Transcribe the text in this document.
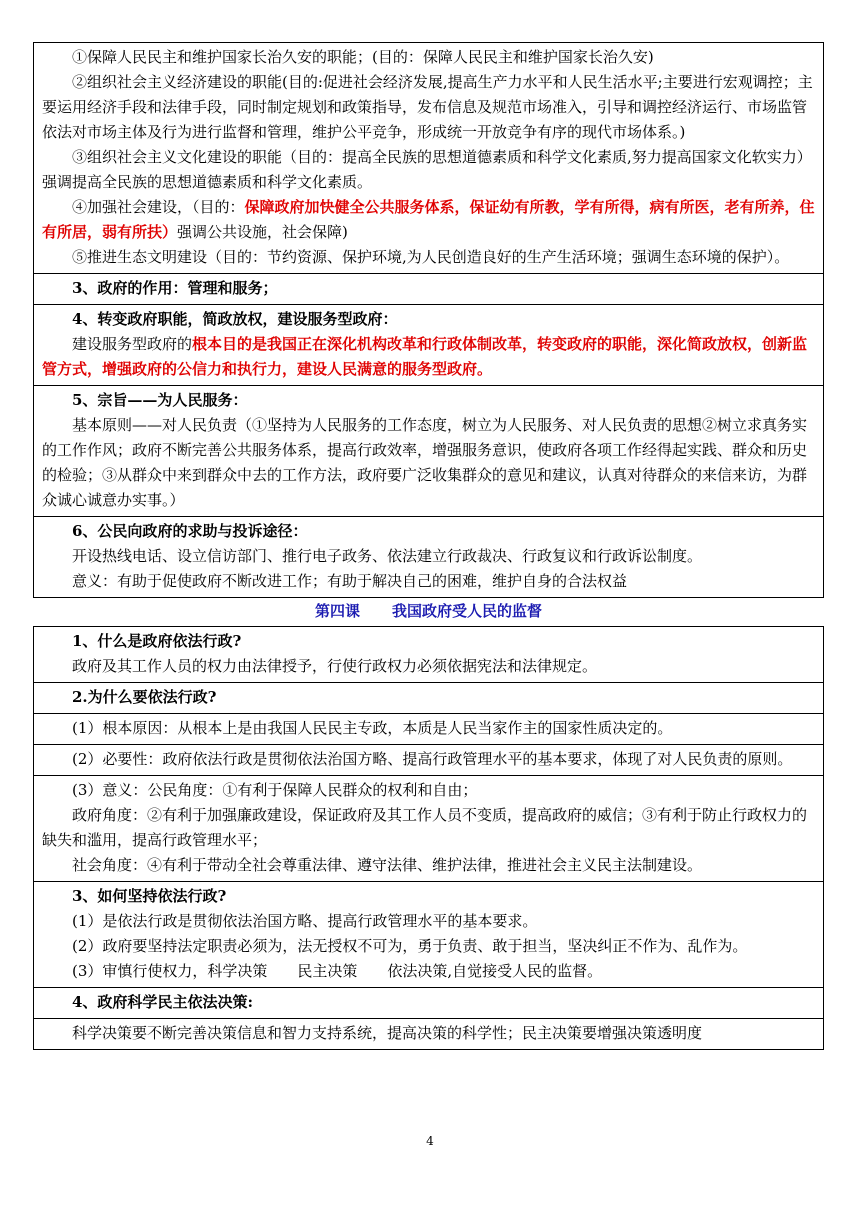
①保障人民民主和维护国家长治久安的职能；(目的：保障人民民主和维护国家长治久安)

②组织社会主义经济建设的职能(目的:促进社会经济发展,提高生产力水平和人民生活水平;主要进行宏观调控；主要运用经济手段和法律手段，同时制定规划和政策指导，发布信息及规范市场准入，引导和调控经济运行、市场监管依法对市场主体及行为进行监督和管理，维护公平竞争，形成统一开放竞争有序的现代市场体系。)

③组织社会主义文化建设的职能（目的：提高全民族的思想道德素质和科学文化素质,努力提高国家文化软实力）强调提高全民族的思想道德素质和科学文化素质。

④加强社会建设，（目的：保障政府加快健全公共服务体系，保证幼有所教，学有所得，病有所医，老有所养，住有所居，弱有所扶）强调公共设施，社会保障)

⑤推进生态文明建设（目的：节约资源、保护环境,为人民创造良好的生产生活环境；强调生态环境的保护）。

3、政府的作用：管理和服务；

4、转变政府职能，简政放权，建设服务型政府：

建设服务型政府的根本目的是我国正在深化机构改革和行政体制改革，转变政府的职能，深化简政放权，创新监管方式，增强政府的公信力和执行力，建设人民满意的服务型政府。

5、宗旨——为人民服务：

基本原则——对人民负责（①坚持为人民服务的工作态度，树立为人民服务、对人民负责的思想②树立求真务实的工作作风；政府不断完善公共服务体系，提高行政效率，增强服务意识，使政府各项工作经得起实践、群众和历史的检验；③从群众中来到群众中去的工作方法，政府要广泛收集群众的意见和建议，认真对待群众的来信来访，为群众诚心诚意办实事。）

6、公民向政府的求助与投诉途径：

开设热线电话、设立信访部门、推行电子政务、依法建立行政裁决、行政复议和行政诉讼制度。

意义：有助于促使政府不断改进工作；有助于解决自己的困难，维护自身的合法权益

第四课 我国政府受人民的监督

1、什么是政府依法行政?

政府及其工作人员的权力由法律授予，行使行政权力必须依据宪法和法律规定。

2.为什么要依法行政?

(1）根本原因：从根本上是由我国人民民主专政，本质是人民当家作主的国家性质决定的。

(2）必要性：政府依法行政是贯彻依法治国方略、提高行政管理水平的基本要求，体现了对人民负责的原则。

(3）意义：公民角度：①有利于保障人民群众的权利和自由；

政府角度：②有利于加强廉政建设，保证政府及其工作人员不变质，提高政府的威信；③有利于防止行政权力的缺失和滥用，提高行政管理水平；

社会角度：④有利于带动全社会尊重法律、遵守法律、维护法律，推进社会主义民主法制建设。

3、如何坚持依法行政?

(1）是依法行政是贯彻依法治国方略、提高行政管理水平的基本要求。

(2）政府要坚持法定职责必须为，法无授权不可为，勇于负责、敢于担当，坚决纠正不作为、乱作为。

(3）审慎行使权力，科学决策　　民主决策　　依法决策,自觉接受人民的监督。

4、政府科学民主依法决策:

科学决策要不断完善决策信息和智力支持系统，提高决策的科学性；民主决策要增强决策透明度

4
